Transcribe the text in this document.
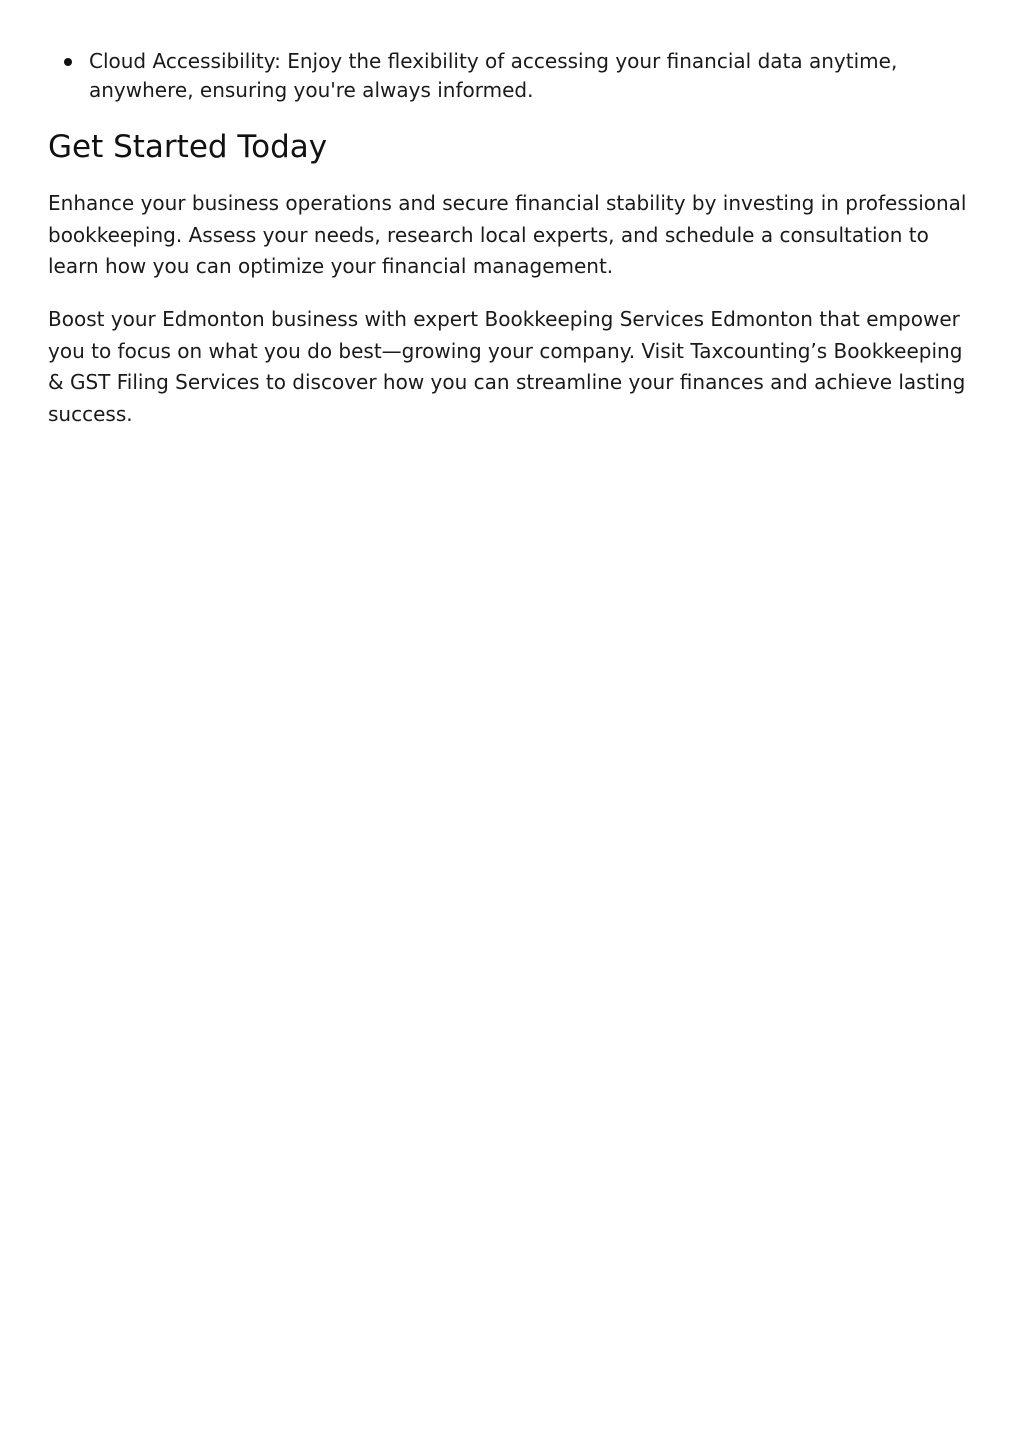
Cloud Accessibility: Enjoy the flexibility of accessing your financial data anytime, anywhere, ensuring you're always informed.
Get Started Today

Enhance your business operations and secure financial stability by investing in professional bookkeeping. Assess your needs, research local experts, and schedule a consultation to learn how you can optimize your financial management.

Boost your Edmonton business with expert Bookkeeping Services Edmonton that empower you to focus on what you do best—growing your company. Visit Taxcounting’s Bookkeeping & GST Filing Services to discover how you can streamline your finances and achieve lasting success.
